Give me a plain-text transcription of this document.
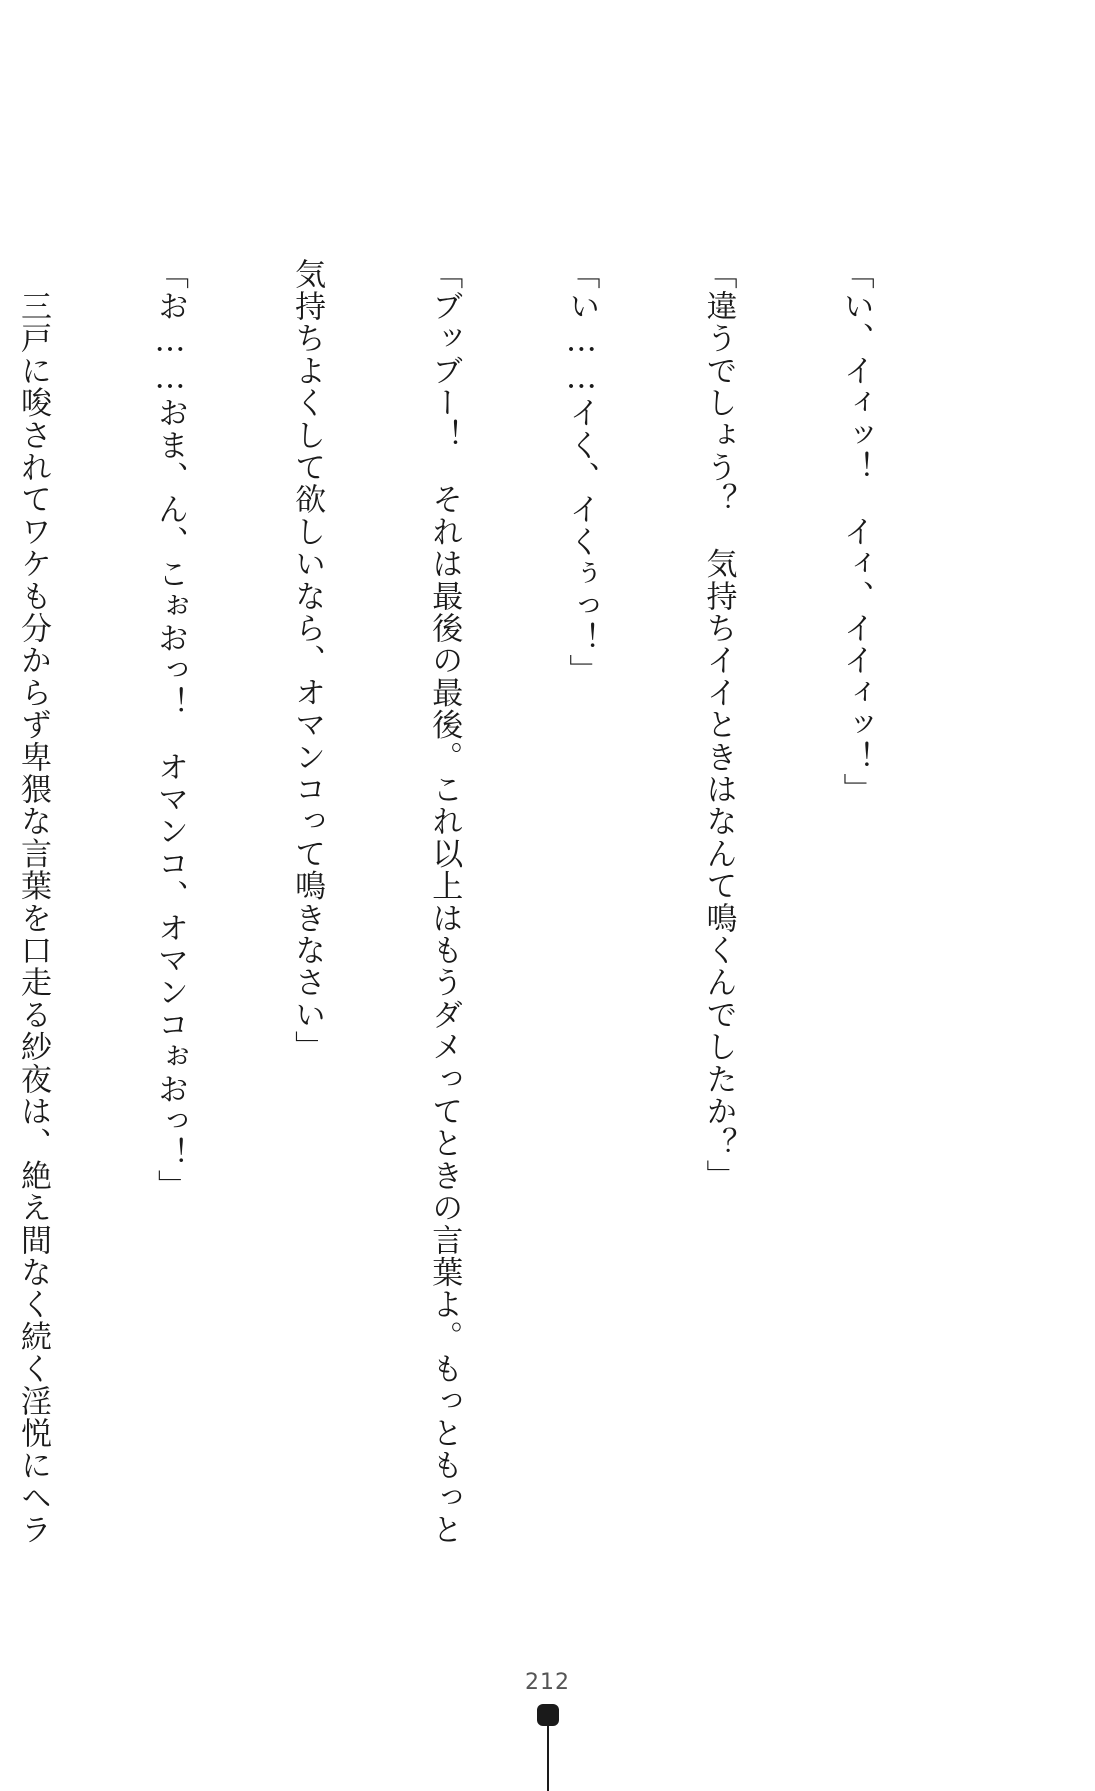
「い、イィッ！　イィ、イイィッ！」

「違うでしょう？　気持ちイイときはなんて鳴くんでしたか？」

「い……イく、イくぅっ！」

「ブッブー！　それは最後の最後。これ以上はもうダメってときの言葉よ。もっともっと

気持ちよくして欲しいなら、オマンコって鳴きなさい」

「お……おま、ん、こぉおっ！　オマンコ、オマンコぉおっ！」

　三戸に唆されてワケも分からず卑猥な言葉を口走る紗夜は、絶え間なく続く淫悦にヘラ

212
